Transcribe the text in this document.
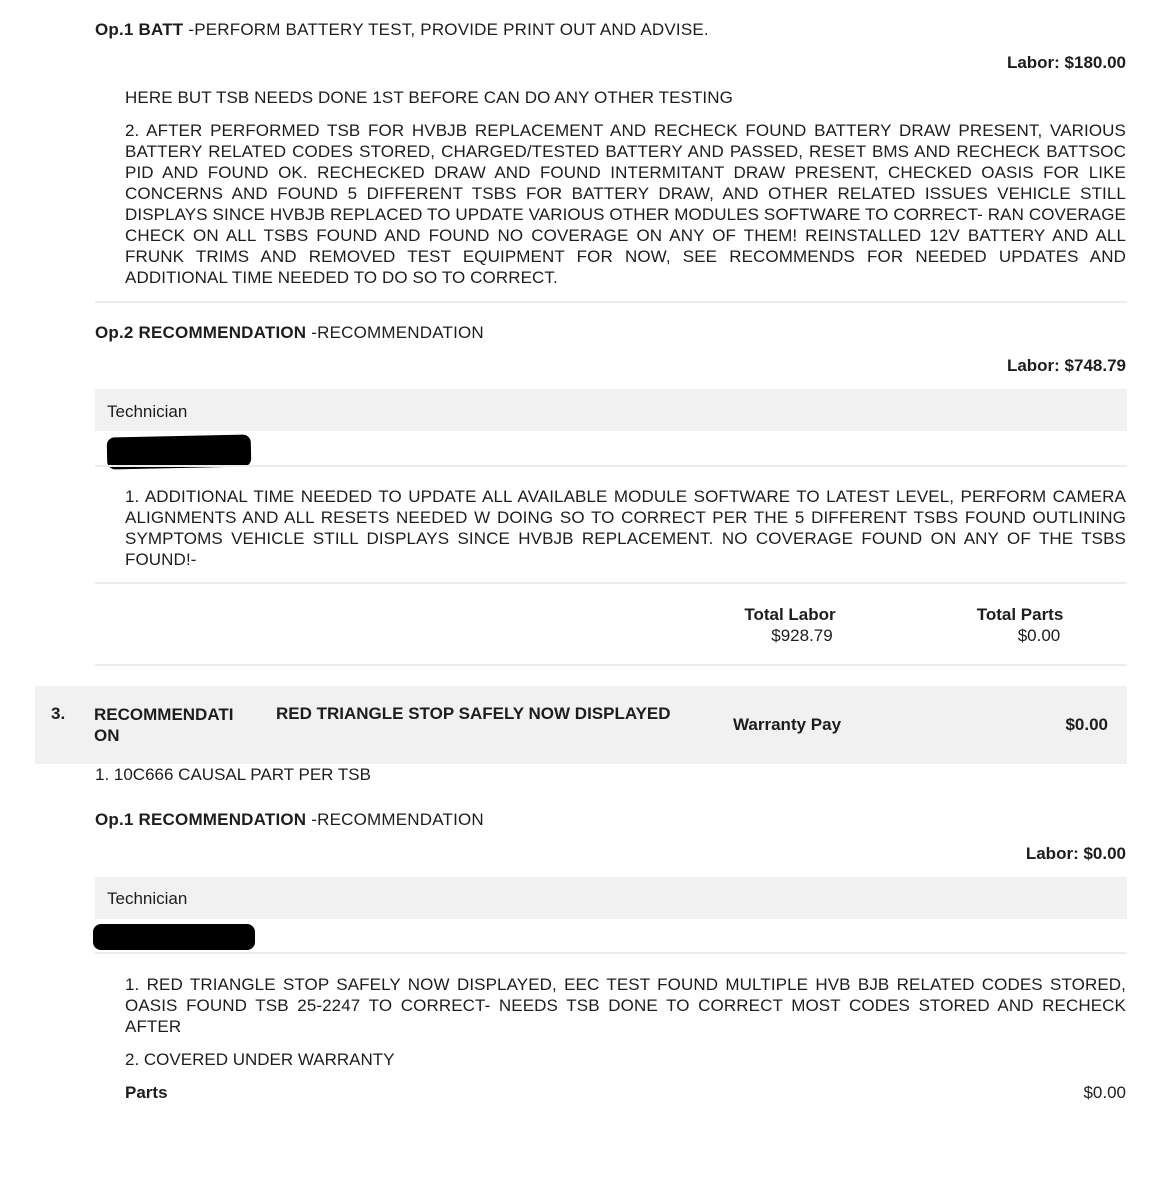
Op.1 BATT -PERFORM BATTERY TEST, PROVIDE PRINT OUT AND ADVISE.
Labor: $180.00
HERE BUT TSB NEEDS DONE 1ST BEFORE CAN DO ANY OTHER TESTING
2. AFTER PERFORMED TSB FOR HVBJB REPLACEMENT AND RECHECK FOUND BATTERY DRAW PRESENT, VARIOUS BATTERY RELATED CODES STORED, CHARGED/TESTED BATTERY AND PASSED, RESET BMS AND RECHECK BATTSOC PID AND FOUND OK. RECHECKED DRAW AND FOUND INTERMITANT DRAW PRESENT, CHECKED OASIS FOR LIKE CONCERNS AND FOUND 5 DIFFERENT TSBS FOR BATTERY DRAW, AND OTHER RELATED ISSUES VEHICLE STILL DISPLAYS SINCE HVBJB REPLACED TO UPDATE VARIOUS OTHER MODULES SOFTWARE TO CORRECT- RAN COVERAGE CHECK ON ALL TSBS FOUND AND FOUND NO COVERAGE ON ANY OF THEM! REINSTALLED 12V BATTERY AND ALL FRUNK TRIMS AND REMOVED TEST EQUIPMENT FOR NOW, SEE RECOMMENDS FOR NEEDED UPDATES AND ADDITIONAL TIME NEEDED TO DO SO TO CORRECT.
Op.2 RECOMMENDATION -RECOMMENDATION
Labor: $748.79
Technician
1. ADDITIONAL TIME NEEDED TO UPDATE ALL AVAILABLE MODULE SOFTWARE TO LATEST LEVEL, PERFORM CAMERA ALIGNMENTS AND ALL RESETS NEEDED W DOING SO TO CORRECT PER THE 5 DIFFERENT TSBS FOUND OUTLINING SYMPTOMS VEHICLE STILL DISPLAYS SINCE HVBJB REPLACEMENT. NO COVERAGE FOUND ON ANY OF THE TSBS FOUND!-
Total Labor
$928.79
Total Parts
$0.00
3. RECOMMENDATION
RED TRIANGLE STOP SAFELY NOW DISPLAYED
Warranty Pay	$0.00
1. 10C666 CAUSAL PART PER TSB
Op.1 RECOMMENDATION -RECOMMENDATION
Labor: $0.00
Technician
1. RED TRIANGLE STOP SAFELY NOW DISPLAYED, EEC TEST FOUND MULTIPLE HVB BJB RELATED CODES STORED, OASIS FOUND TSB 25-2247 TO CORRECT- NEEDS TSB DONE TO CORRECT MOST CODES STORED AND RECHECK AFTER
2. COVERED UNDER WARRANTY
Parts	$0.00
